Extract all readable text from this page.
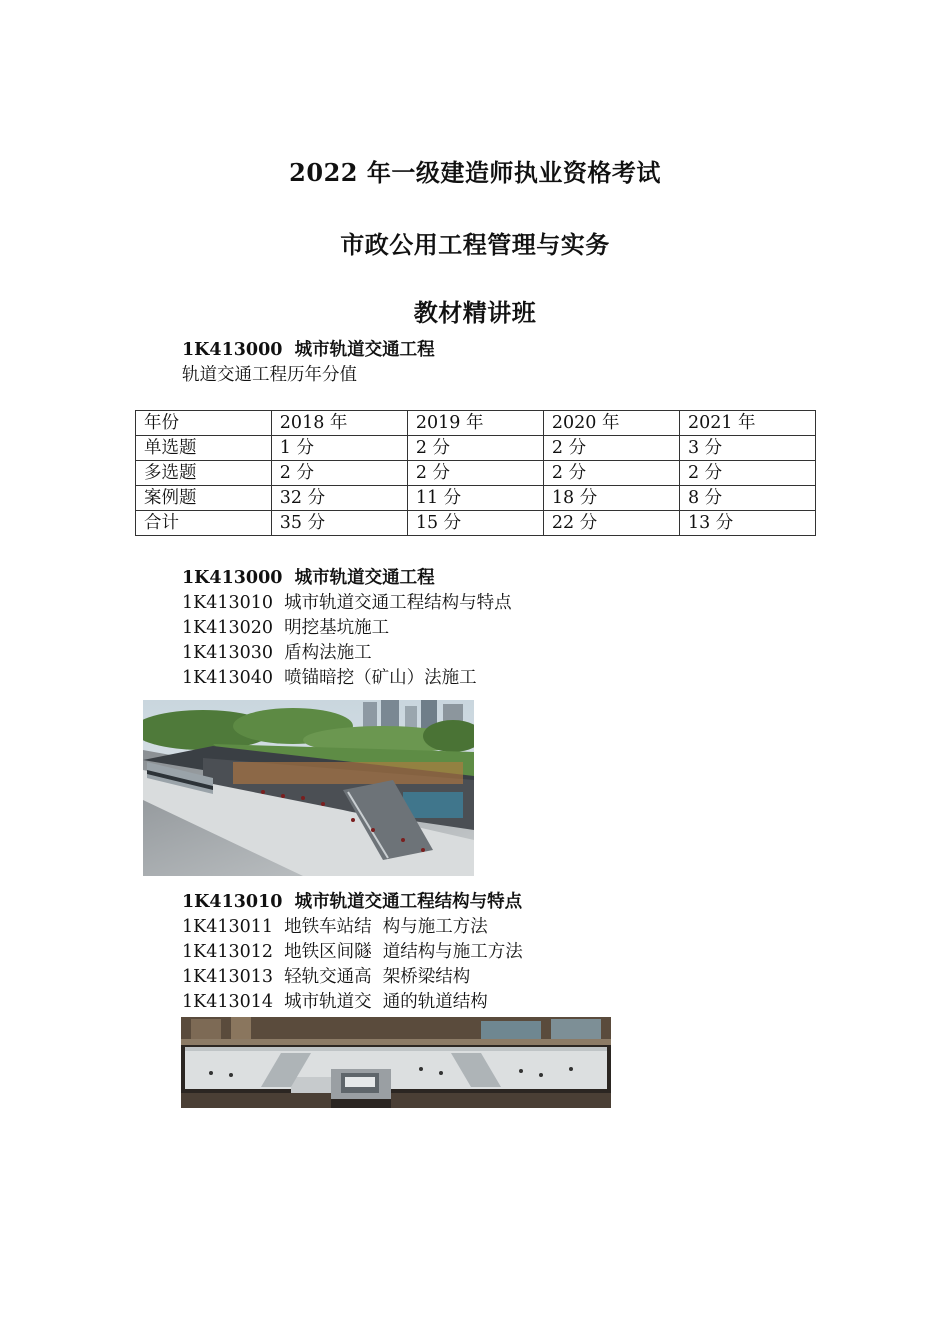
2022 年一级建造师执业资格考试
市政公用工程管理与实务
教材精讲班
1K413000  城市轨道交通工程
轨道交通工程历年分值
年份	2018 年	2019 年	2020 年	2021 年
单选题	1 分	2 分	2 分	3 分
多选题	2 分	2 分	2 分	2 分
案例题	32 分	11 分	18 分	8 分
合计	35 分	15 分	22 分	13 分
1K413000  城市轨道交通工程
1K413010  城市轨道交通工程结构与特点
1K413020  明挖基坑施工
1K413030  盾构法施工
1K413040  喷锚暗挖（矿山）法施工
1K413010  城市轨道交通工程结构与特点
1K413011  地铁车站结  构与施工方法
1K413012  地铁区间隧  道结构与施工方法
1K413013  轻轨交通高  架桥梁结构
1K413014  城市轨道交  通的轨道结构
